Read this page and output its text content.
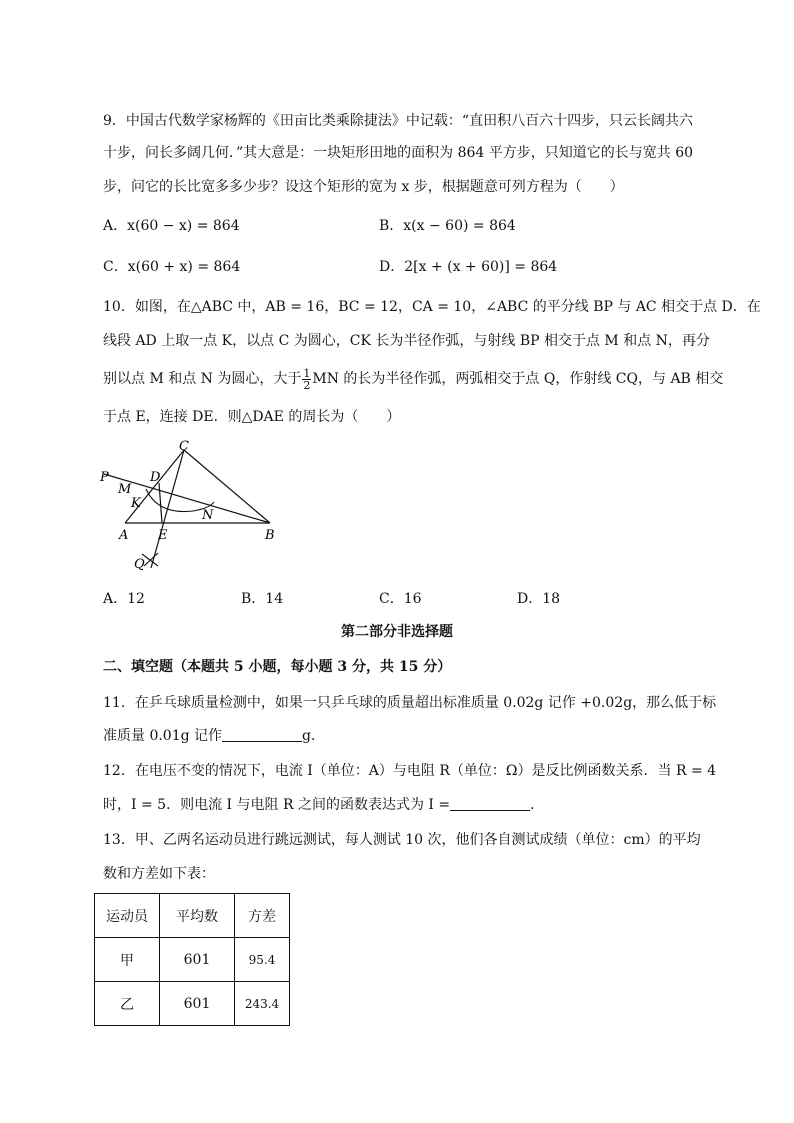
9．中国古代数学家杨辉的《田亩比类乘除捷法》中记载：“直田积八百六十四步，只云长阔共六
十步，问长多阔几何．”其大意是：一块矩形田地的面积为 864 平方步，只知道它的长与宽共 60
步，问它的长比宽多多少步？设这个矩形的宽为 x 步，根据题意可列方程为（　　）
A．x(60 − x) = 864	B．x(x − 60) = 864
C．x(60 + x) = 864	D．2[x + (x + 60)] = 864
10．如图，在△ABC 中，AB = 16，BC = 12，CA = 10，∠ABC 的平分线 BP 与 AC 相交于点 D．在
线段 AD 上取一点 K，以点 C 为圆心，CK 长为半径作弧，与射线 BP 相交于点 M 和点 N，再分
别以点 M 和点 N 为圆心，大于 $\frac{1}{2}$ MN 的长为半径作弧，两弧相交于点 Q，作射线 CQ，与 AB 相交
于点 E，连接 DE．则△DAE 的周长为（　　）
C
P	D
M
K
N
A E	B
Q
A．12	B．14	C．16	D．18
第二部分非选择题
二、填空题（本题共 5 小题，每小题 3 分，共 15 分）
11．在乒乓球质量检测中，如果一只乒乓球的质量超出标准质量 0.02g 记作 +0.02g，那么低于标
准质量 0.01g 记作	g．
12．在电压不变的情况下，电流 I（单位：A）与电阻 R（单位：Ω）是反比例函数关系．当 R = 4
时，I = 5．则电流 I 与电阻 R 之间的函数表达式为 I =	．
13．甲、乙两名运动员进行跳远测试，每人测试 10 次，他们各自测试成绩（单位：cm）的平均
数和方差如下表：
运动员	平均数	方差
甲	601	95.4
乙	601	243.4
